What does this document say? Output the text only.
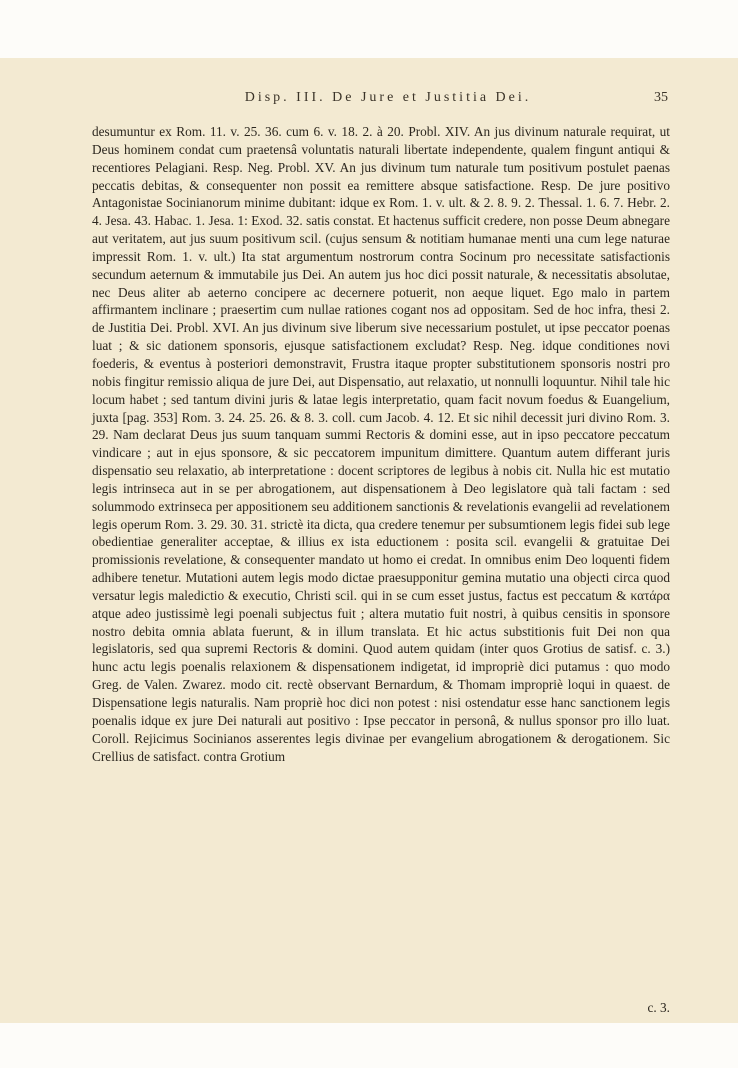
Disp. III. De Jure et Justitia Dei.	35

desumuntur ex Rom. 11. v. 25. 36. cum 6. v. 18. 2. à 20. Probl. XIV. An jus divinum naturale requirat, ut Deus hominem condat cum praetensâ voluntatis naturali libertate independente, qualem fingunt antiqui & recentiores Pelagiani. Resp. Neg. Probl. XV. An jus divinum tum naturale tum positivum postulet paenas peccatis debitas, & consequenter non possit ea remittere absque satisfactione. Resp. De jure positivo Antagonistae Socinianorum minime dubitant: idque ex Rom. 1. v. ult. & 2. 8. 9. 2. Thessal. 1. 6. 7. Hebr. 2. 4. Jesa. 43. Habac. 1. Jesa. 1: Exod. 32. satis constat. Et hactenus sufficit credere, non posse Deum abnegare aut veritatem, aut jus suum positivum scil. (cujus sensum & notitiam humanae menti una cum lege naturae impressit Rom. 1. v. ult.) Ita stat argumentum nostrorum contra Socinum pro necessitate satisfactionis secundum aeternum & immutabile jus Dei. An autem jus hoc dici possit naturale, & necessitatis absolutae, nec Deus aliter ab aeterno concipere ac decernere potuerit, non aeque liquet. Ego malo in partem affirmantem inclinare ; praesertim cum nullae rationes cogant nos ad oppositam. Sed de hoc infra, thesi 2. de Justitia Dei. Probl. XVI. An jus divinum sive liberum sive necessarium postulet, ut ipse peccator poenas luat ; & sic dationem sponsoris, ejusque satisfactionem excludat? Resp. Neg. idque conditiones novi foederis, & eventus à posteriori demonstravit, Frustra itaque propter substitutionem sponsoris nostri pro nobis fingitur remissio aliqua de jure Dei, aut Dispensatio, aut relaxatio, ut nonnulli loquuntur. Nihil tale hic locum habet ; sed tantum divini juris & latae legis interpretatio, quam facit novum foedus & Euangelium, juxta [pag. 353] Rom. 3. 24. 25. 26. & 8. 3. coll. cum Jacob. 4. 12. Et sic nihil decessit juri divino Rom. 3. 29. Nam declarat Deus jus suum tanquam summi Rectoris & domini esse, aut in ipso peccatore peccatum vindicare ; aut in ejus sponsore, & sic peccatorem impunitum dimittere. Quantum autem differant juris dispensatio seu relaxatio, ab interpretatione : docent scriptores de legibus à nobis cit. Nulla hic est mutatio legis intrinseca aut in se per abrogationem, aut dispensationem à Deo legislatore quà tali factam : sed solummodo extrinseca per appositionem seu additionem sanctionis & revelationis evangelii ad revelationem legis operum Rom. 3. 29. 30. 31. strictè ita dicta, qua credere tenemur per subsumtionem legis fidei sub lege obedientiae generaliter acceptae, & illius ex ista eductionem : posita scil. evangelii & gratuitae Dei promissionis revelatione, & consequenter mandato ut homo ei credat. In omnibus enim Deo loquenti fidem adhibere tenetur. Mutationi autem legis modo dictae praesupponitur gemina mutatio una objecti circa quod versatur legis maledictio & executio, Christi scil. qui in se cum esset justus, factus est peccatum & κατάρα atque adeo justissimè legi poenali subjectus fuit ; altera mutatio fuit nostri, à quibus censitis in sponsore nostro debita omnia ablata fuerunt, & in illum translata. Et hic actus substitionis fuit Dei non qua legislatoris, sed qua supremi Rectoris & domini. Quod autem quidam (inter quos Grotius de satisf. c. 3.) hunc actu legis poenalis relaxionem & dispensationem indigetat, id impropriè dici putamus : quo modo Greg. de Valen. Zwarez. modo cit. rectè observant Bernardum, & Thomam impropriè loqui in quaest. de Dispensatione legis naturalis. Nam propriè hoc dici non potest : nisi ostendatur esse hanc sanctionem legis poenalis idque ex jure Dei naturali aut positivo : Ipse peccator in personâ, & nullus sponsor pro illo luat. Coroll. Rejicimus Socinianos asserentes legis divinae per evangelium abrogationem & derogationem. Sic Crellius de satisfact. contra Grotium

c. 3.
